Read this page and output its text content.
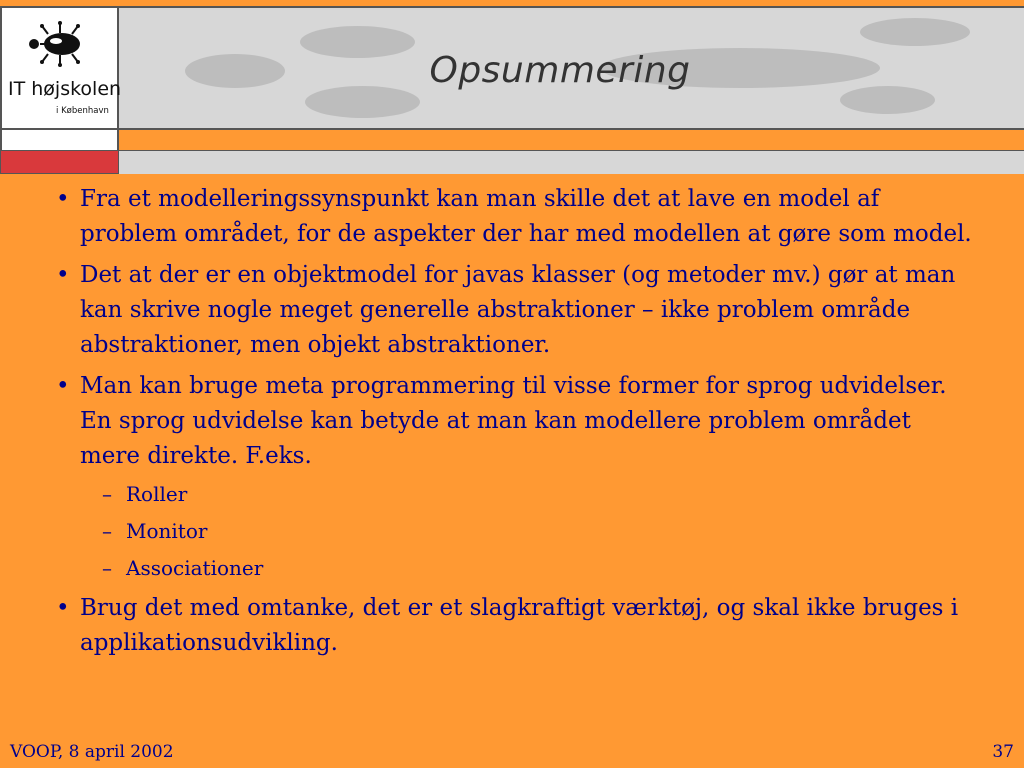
IT højskolen
i København
Opsummering
• Fra et modelleringssynspunkt kan man skille det at lave en model af problem området, for de aspekter der har med modellen at gøre som model.
• Det at der er en objektmodel for javas klasser (og metoder mv.) gør at man kan skrive nogle meget generelle abstraktioner – ikke problem område abstraktioner, men objekt abstraktioner.
• Man kan bruge meta programmering til visse former for sprog udvidelser. En sprog udvidelse kan betyde at man kan modellere problem området mere direkte. F.eks.
– Roller
– Monitor
– Associationer
• Brug det med omtanke, det er et slagkraftigt værktøj, og skal ikke bruges i applikationsudvikling.
VOOP, 8 april 2002	37
